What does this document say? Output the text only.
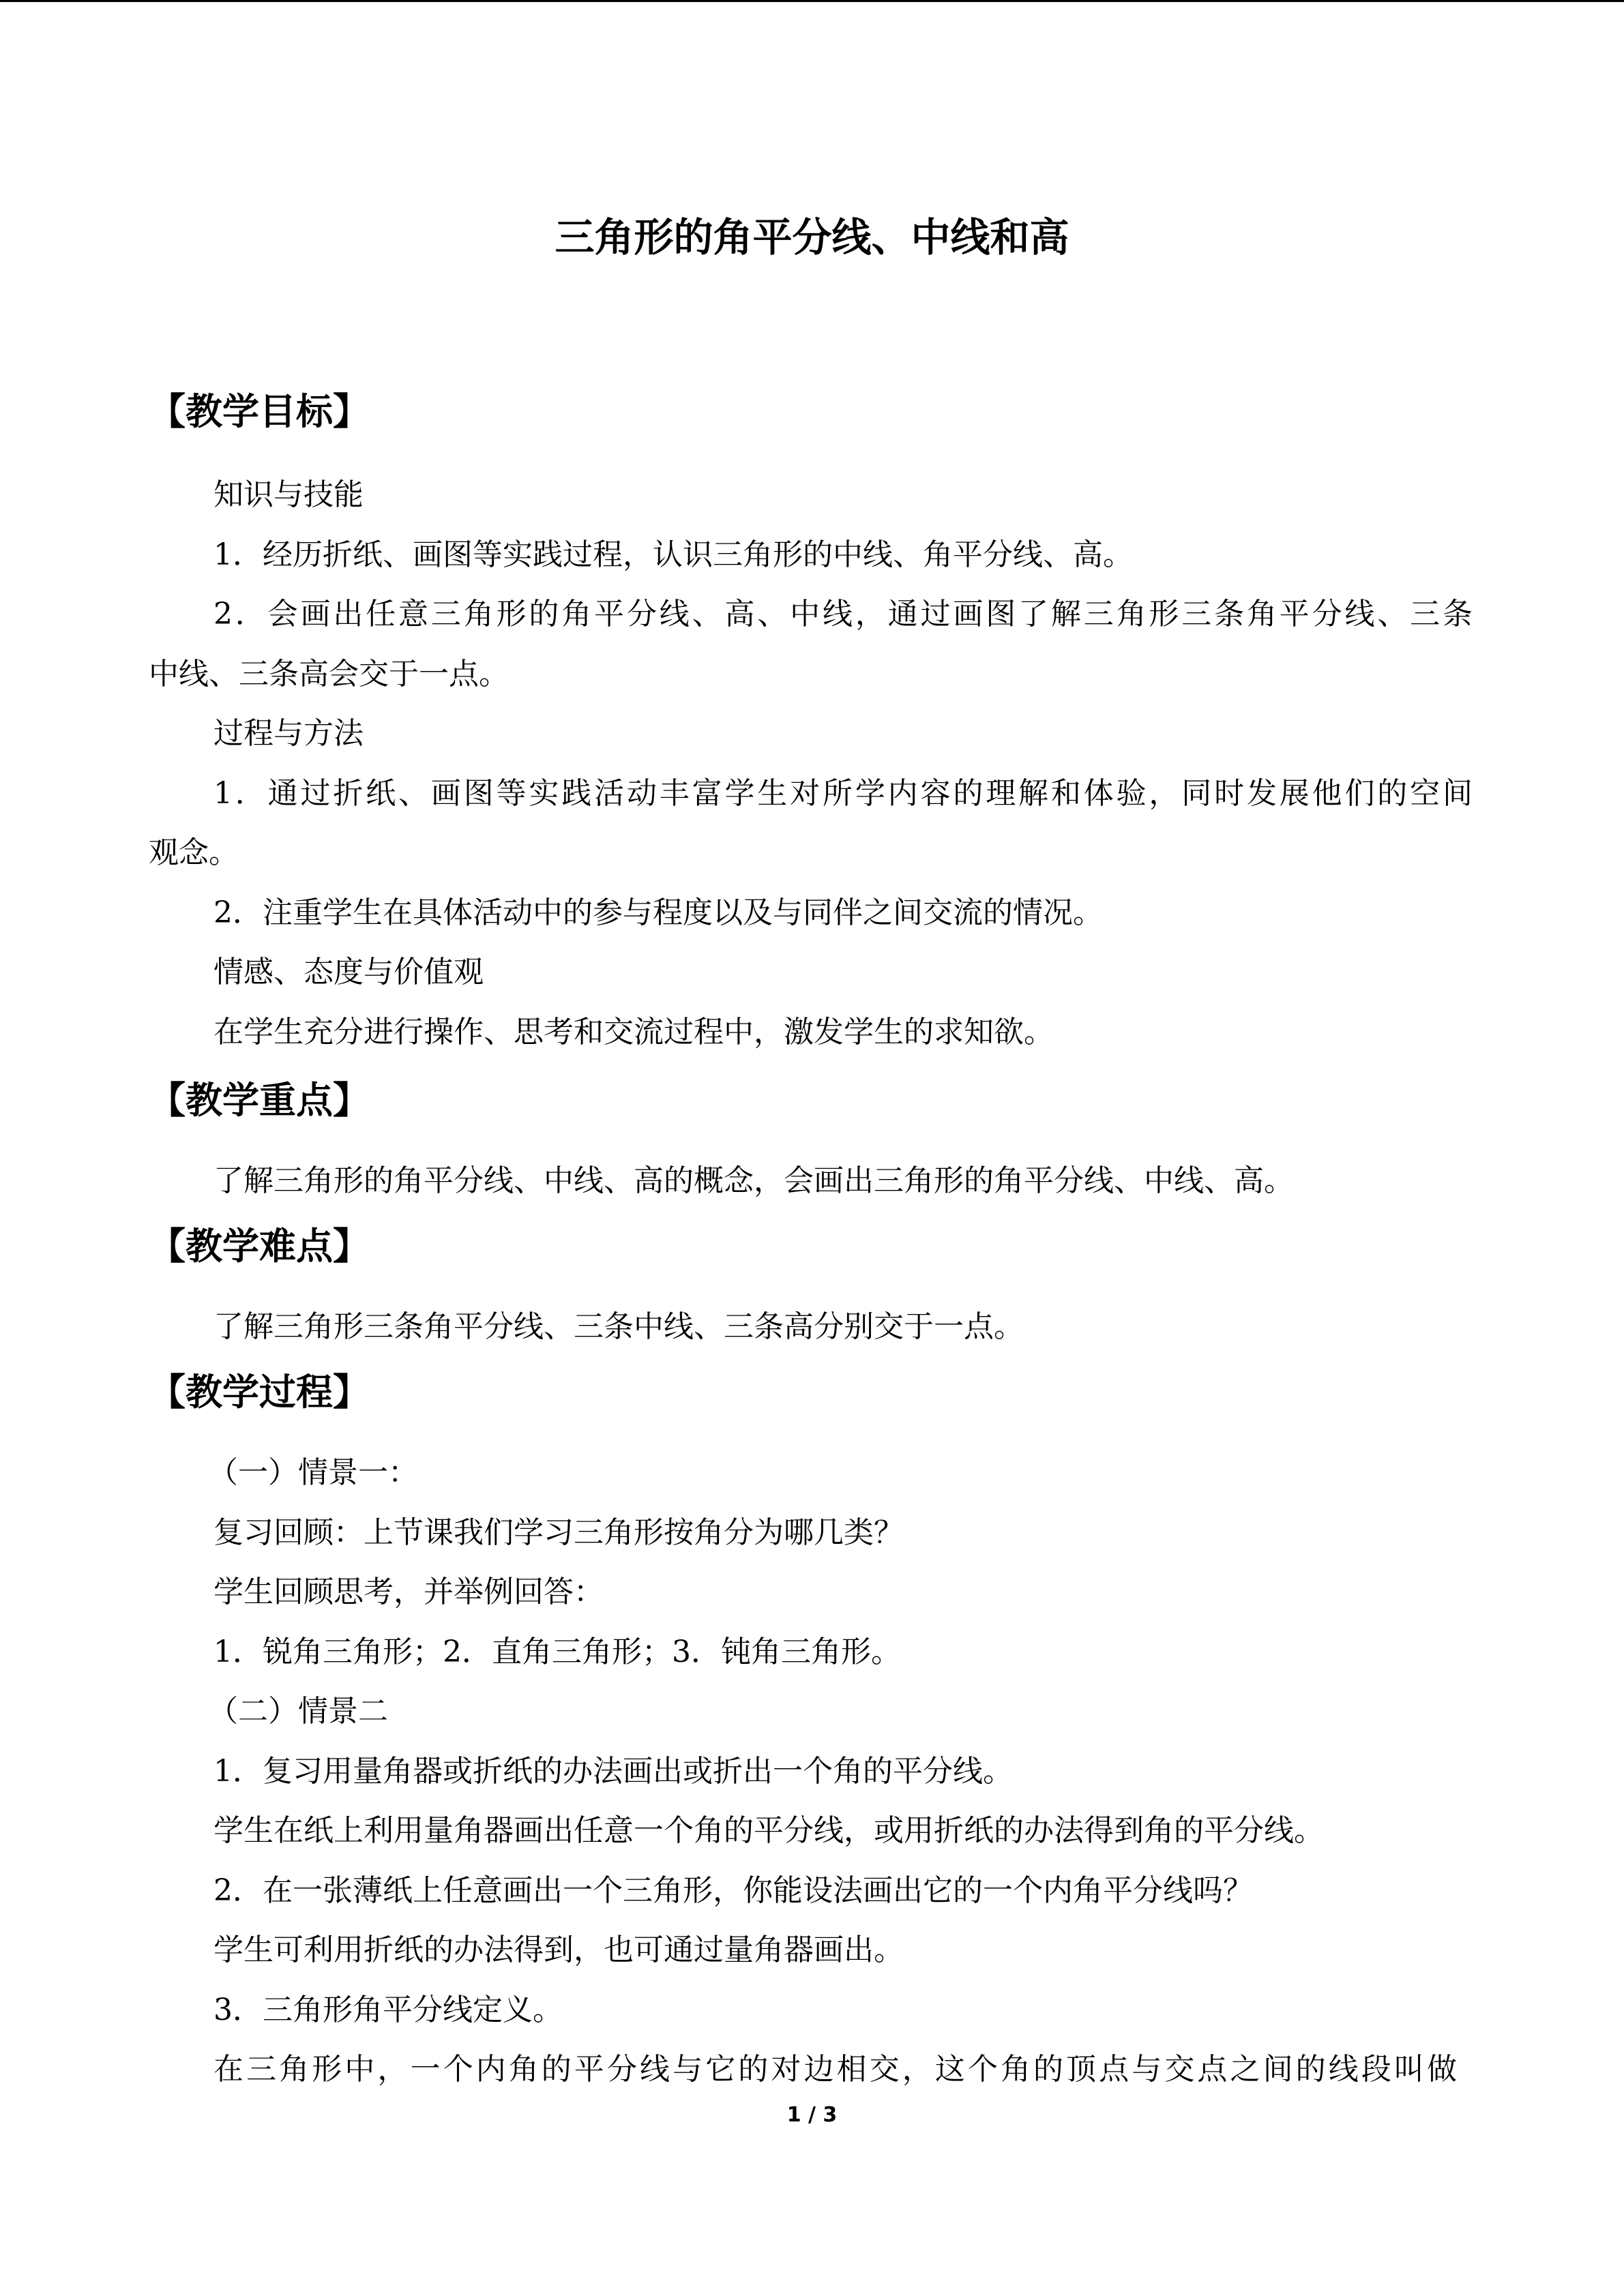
三角形的角平分线、中线和高
【教学目标】
知识与技能
1．经历折纸、画图等实践过程，认识三角形的中线、角平分线、高。
2．会画出任意三角形的角平分线、高、中线，通过画图了解三角形三条角平分线、三条
中线、三条高会交于一点。
过程与方法
1．通过折纸、画图等实践活动丰富学生对所学内容的理解和体验，同时发展他们的空间
观念。
2．注重学生在具体活动中的参与程度以及与同伴之间交流的情况。
情感、态度与价值观
在学生充分进行操作、思考和交流过程中，激发学生的求知欲。
【教学重点】
了解三角形的角平分线、中线、高的概念，会画出三角形的角平分线、中线、高。
【教学难点】
了解三角形三条角平分线、三条中线、三条高分别交于一点。
【教学过程】
（一）情景一：
复习回顾：上节课我们学习三角形按角分为哪几类？
学生回顾思考，并举例回答：
1．锐角三角形；2．直角三角形；3．钝角三角形。
（二）情景二
1．复习用量角器或折纸的办法画出或折出一个角的平分线。
学生在纸上利用量角器画出任意一个角的平分线，或用折纸的办法得到角的平分线。
2．在一张薄纸上任意画出一个三角形，你能设法画出它的一个内角平分线吗？
学生可利用折纸的办法得到，也可通过量角器画出。
3．三角形角平分线定义。
在三角形中，一个内角的平分线与它的对边相交，这个角的顶点与交点之间的线段叫做
1 / 3
